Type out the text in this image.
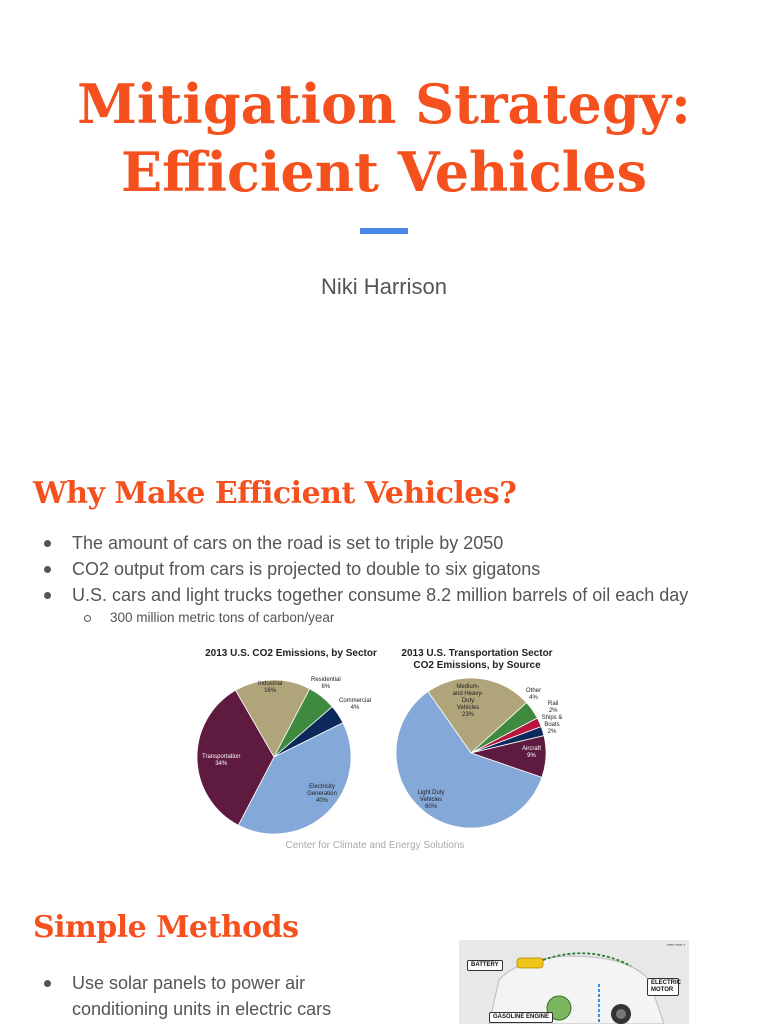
Mitigation Strategy:
Efficient Vehicles
Niki Harrison
Why Make Efficient Vehicles?
The amount of cars on the road is set to triple by 2050
CO2 output from cars is projected to double to six gigatons
U.S. cars and light trucks together consume 8.2 million barrels of oil each day
300 million metric tons of carbon/year
2013 U.S. CO2 Emissions, by Sector	2013 U.S. Transportation Sector CO2 Emissions, by Source
Industrial
16%
Residential
6%
Commercial
4%
Transportation
34%
Electricity Generation
40%
Medium- and Heavy- Duty Vehicles
23%
Other
4%
Rail
2%
Ships & Boats
2%
Aircraft
9%
Light Duty Vehicles
60%
Center for Climate and Energy Solutions
Simple Methods
Use solar panels to power air conditioning units in electric cars
▪▪▪▪▪ ▪▪▪▪▪ ▪
BATTERY
ELECTRIC MOTOR
GASOLINE ENGINE
